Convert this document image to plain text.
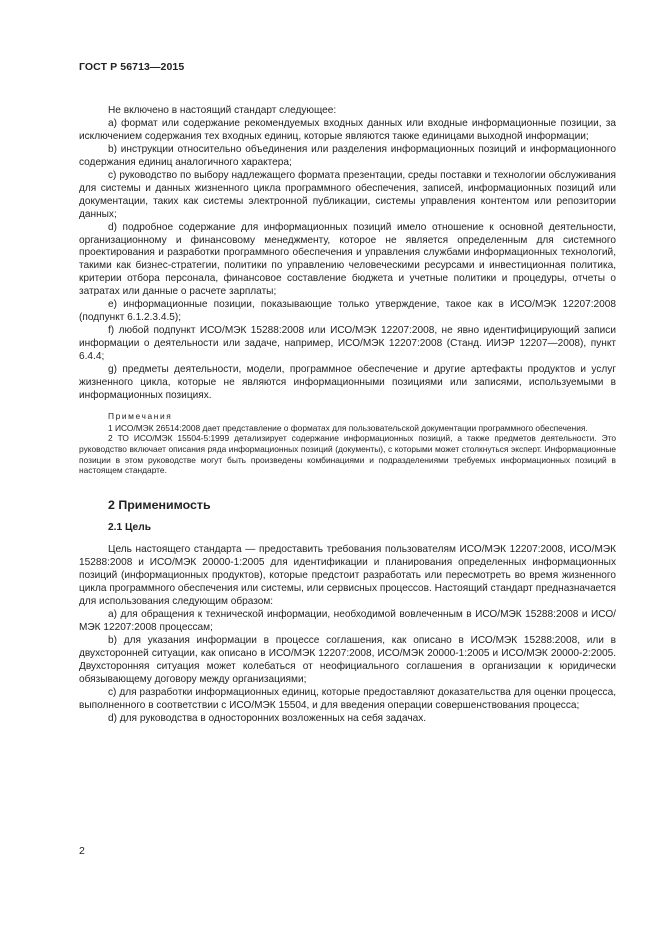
ГОСТ Р 56713—2015

Не включено в настоящий стандарт следующее:

a) формат или содержание рекомендуемых входных данных или входные информационные позиции, за исключением содержания тех входных единиц, которые являются также единицами выходной информации;

b) инструкции относительно объединения или разделения информационных позиций и информационного содержания единиц аналогичного характера;

c) руководство по выбору надлежащего формата презентации, среды поставки и технологии обслуживания для системы и данных жизненного цикла программного обеспечения, записей, информационных позиций или документации, таких как системы электронной публикации, системы управления контентом или репозитории данных;

d) подробное содержание для информационных позиций имело отношение к основной деятельности, организационному и финансовому менеджменту, которое не является определенным для системного проектирования и разработки программного обеспечения и управления службами информационных технологий, такими как бизнес-стратегии, политики по управлению человеческими ресурсами и инвестиционная политика, критерии отбора персонала, финансовое составление бюджета и учетные политики и процедуры, отчеты о затратах или данные о расчете зарплаты;

e) информационные позиции, показывающие только утверждение, такое как в ИСО/МЭК 12207:2008 (подпункт 6.1.2.3.4.5);

f) любой подпункт ИСО/МЭК 15288:2008 или ИСО/МЭК 12207:2008, не явно идентифицирующий записи информации о деятельности или задаче, например, ИСО/МЭК 12207:2008 (Станд. ИИЭР 12207—2008), пункт 6.4.4;

g) предметы деятельности, модели, программное обеспечение и другие артефакты продуктов и услуг жизненного цикла, которые не являются информационными позициями или записями, используемыми в информационных позициях.

Примечания

1 ИСО/МЭК 26514:2008 дает представление о форматах для пользовательской документации программного обеспечения.

2 ТО ИСО/МЭК 15504-5:1999 детализирует содержание информационных позиций, а также предметов деятельности. Это руководство включает описания ряда информационных позиций (документы), с которыми может столкнуться эксперт. Информационные позиции в этом руководстве могут быть произведены комбинациями и подразделениями требуемых информационных позиций в настоящем стандарте.

2 Применимость
2.1 Цель

Цель настоящего стандарта — предоставить требования пользователям ИСО/МЭК 12207:2008, ИСО/МЭК 15288:2008 и ИСО/МЭК 20000-1:2005 для идентификации и планирования определенных информационных позиций (информационных продуктов), которые предстоит разработать или пересмотреть во время жизненного цикла программного обеспечения или системы, или сервисных процессов. Настоящий стандарт предназначается для использования следующим образом:

a) для обращения к технической информации, необходимой вовлеченным в ИСО/МЭК 15288:2008 и ИСО/МЭК 12207:2008 процессам;

b) для указания информации в процессе соглашения, как описано в ИСО/МЭК 15288:2008, или в двухсторонней ситуации, как описано в ИСО/МЭК 12207:2008, ИСО/МЭК 20000-1:2005 и ИСО/МЭК 20000-2:2005. Двухсторонняя ситуация может колебаться от неофициального соглашения в организации к юридически обязывающему договору между организациями;

c) для разработки информационных единиц, которые предоставляют доказательства для оценки процесса, выполненного в соответствии с ИСО/МЭК 15504, и для введения операции совершенствования процесса;

d) для руководства в односторонних возложенных на себя задачах.

2
